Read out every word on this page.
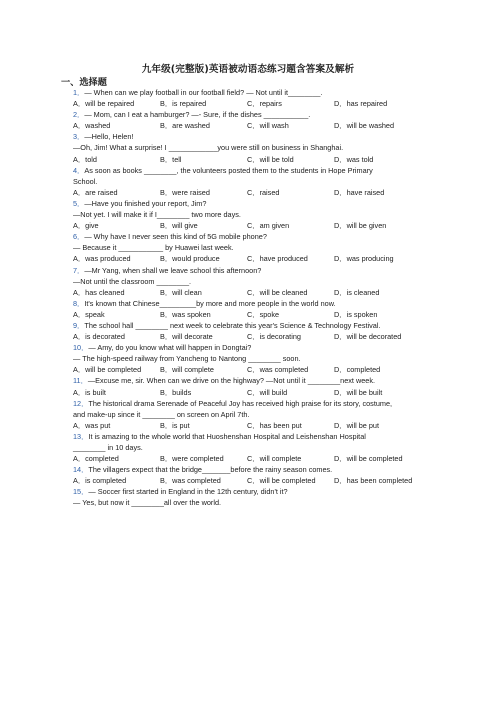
九年级(完整版)英语被动语态练习题含答案及解析
一、选择题
1．— When can we play football in our football field? — Not until it________.
A．will be repaired	B．is repaired	C．repairs	D．has repaired
2．— Mom, can I eat a hamburger? —- Sure, if the dishes ___________.
A．washed	B．are washed	C．will wash	D．will be washed
3．—Hello, Helen!
—Oh, Jim! What a surprise! I ____________you were still on business in Shanghai.
A．told	B．tell	C．will be told	D．was told
4．As soon as books ________, the volunteers posted them to the students in Hope Primary
School.
A．are raised	B．were raised	C．raised	D．have raised
5．—Have you finished your report, Jim?
—Not yet. I will make it if I________ two more days.
A．give	B．will give	C．am given	D．will be given
6．— Why have I never seen this kind of 5G mobile phone?
— Because it ___________ by Huawei last week.
A．was produced	B．would produce	C．have produced	D．was producing
7．—Mr Yang, when shall we leave school this afternoon?
—Not until the classroom ________.
A．has cleaned	B．will clean	C．will be cleaned	D．is cleaned
8．It's known that Chinese_________by more and more people in the world now.
A．speak	B．was spoken	C．spoke	D．is spoken
9．The school hall ________ next week to celebrate this year's Science & Technology Festival.
A．is decorated	B．will decorate	C．is decorating	D．will be decorated
10．— Amy, do you know what will happen in Dongtai?
— The high-speed railway from Yancheng to Nantong ________ soon.
A．will be completed	B．will complete	C．was completed	D．completed
11．—Excuse me, sir. When can we drive on the highway? —Not until it ________next week.
A．is built	B．builds	C．will build	D．will be built
12．The historical drama Serenade of Peaceful Joy has received high praise for its story, costume,
and make-up since it ________ on screen on April 7th.
A．was put	B．is put	C．has been put	D．will be put
13．It is amazing to the whole world that Huoshenshan Hospital and Leishenshan Hospital
________ in 10 days.
A．completed	B．were completed	C．will complete	D．will be completed
14．The villagers expect that the bridge_______before the rainy season comes.
A．is completed	B．was completed	C．will be completed	D．has been completed
15．— Soccer first started in England in the 12th century, didn't it?
— Yes, but now it ________all over the world.
